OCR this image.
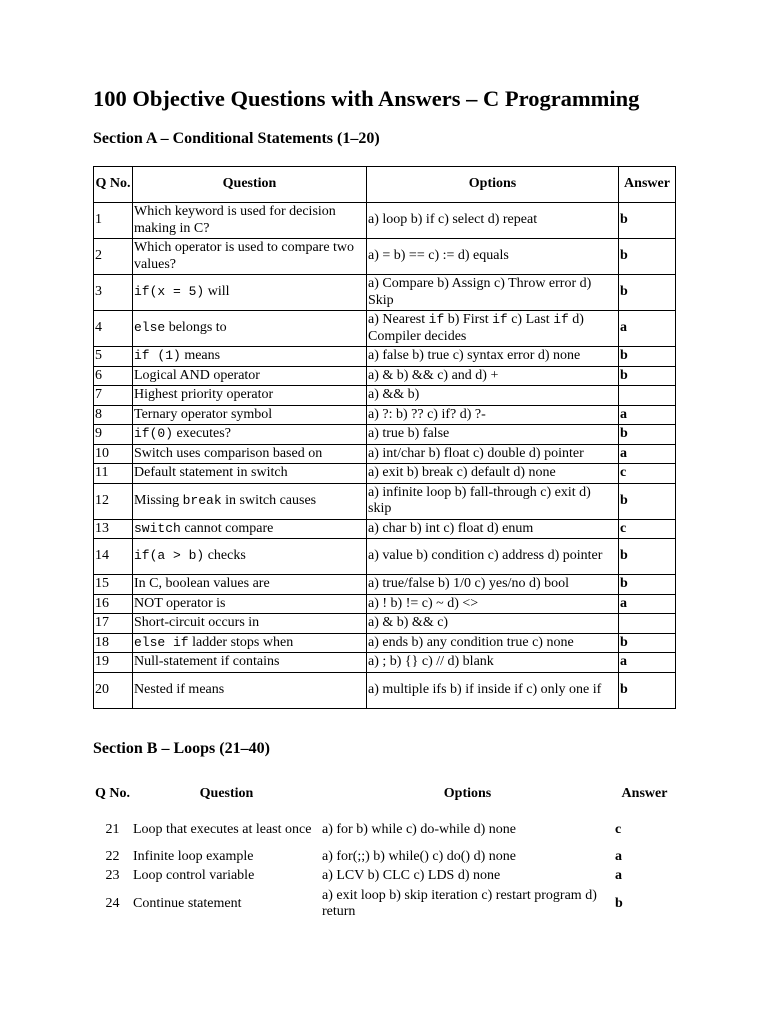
100 Objective Questions with Answers – C Programming
Section A – Conditional Statements (1–20)
Q No.	Question	Options	Answer
1	Which keyword is used for decision making in C?	a) loop b) if c) select d) repeat	b
2	Which operator is used to compare two values?	a) = b) == c) := d) equals	b
3	if(x = 5) will	a) Compare b) Assign c) Throw error d) Skip	b
4	else belongs to	a) Nearest if b) First if c) Last if d) Compiler decides	a
5	if (1) means	a) false b) true c) syntax error d) none	b
6	Logical AND operator	a) & b) && c) and d) +	b
7	Highest priority operator	a) && b)	
8	Ternary operator symbol	a) ?: b) ?? c) if? d) ?-	a
9	if(0) executes?	a) true b) false	b
10	Switch uses comparison based on	a) int/char b) float c) double d) pointer	a
11	Default statement in switch	a) exit b) break c) default d) none	c
12	Missing break in switch causes	a) infinite loop b) fall-through c) exit d) skip	b
13	switch cannot compare	a) char b) int c) float d) enum	c
14	if(a > b) checks	a) value b) condition c) address d) pointer	b
15	In C, boolean values are	a) true/false b) 1/0 c) yes/no d) bool	b
16	NOT operator is	a) ! b) != c) ~ d) <>	a
17	Short-circuit occurs in	a) & b) && c)	
18	else if ladder stops when	a) ends b) any condition true c) none	b
19	Null-statement if contains	a) ; b) {} c) // d) blank	a
20	Nested if means	a) multiple ifs b) if inside if c) only one if	b
Section B – Loops (21–40)
Q No.	Question	Options	Answer
21	Loop that executes at least once	a) for b) while c) do-while d) none	c
22	Infinite loop example	a) for(;;) b) while() c) do() d) none	a
23	Loop control variable	a) LCV b) CLC c) LDS d) none	a
24	Continue statement	a) exit loop b) skip iteration c) restart program d) return	b
